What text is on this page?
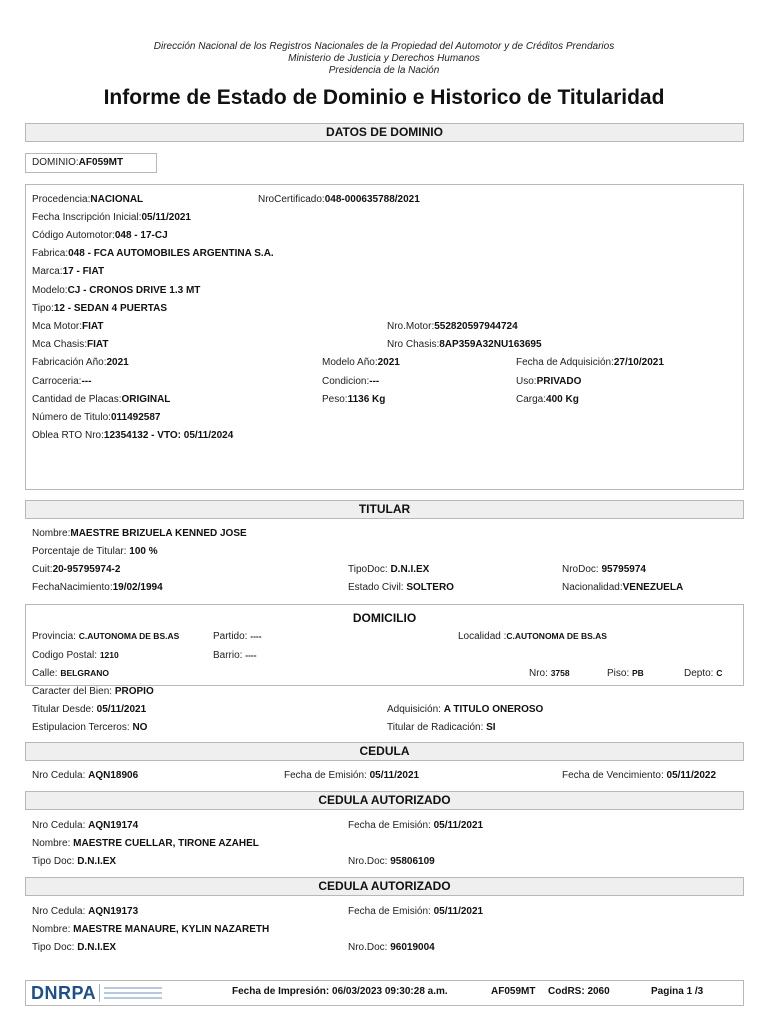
Dirección Nacional de los Registros Nacionales de la Propiedad del Automotor y de Créditos Prendarios
Ministerio de Justicia y Derechos Humanos
Presidencia de la Nación
Informe de Estado de Dominio e Historico de Titularidad
DATOS DE DOMINIO
DOMINIO:AF059MT
Procedencia:NACIONAL	NroCertificado:048-000635788/2021
Fecha Inscripción Inicial:05/11/2021
Código Automotor:048 - 17-CJ
Fabrica:048 - FCA AUTOMOBILES ARGENTINA S.A.
Marca:17 - FIAT
Modelo:CJ - CRONOS DRIVE 1.3 MT
Tipo:12 - SEDAN 4 PUERTAS
Mca Motor:FIAT	Nro.Motor:552820597944724
Mca Chasis:FIAT	Nro Chasis:8AP359A32NU163695
Fabricación Año:2021	Modelo Año:2021	Fecha de Adquisición:27/10/2021
Carroceria:---	Condicion:---	Uso:PRIVADO
Cantidad de Placas:ORIGINAL	Peso:1136 Kg	Carga:400 Kg
Número de Titulo:011492587
Oblea RTO Nro:12354132 - VTO: 05/11/2024
TITULAR
Nombre:MAESTRE BRIZUELA KENNED JOSE
Porcentaje de Titular: 100 %
Cuit:20-95795974-2	TipoDoc: D.N.I.EX	NroDoc: 95795974
FechaNacimiento:19/02/1994	Estado Civil: SOLTERO	Nacionalidad:VENEZUELA
DOMICILIO
Provincia: C.AUTONOMA DE BS.AS	Partido: ----	Localidad :C.AUTONOMA DE BS.AS
Codigo Postal: 1210	Barrio: ----
Calle: BELGRANO	Nro: 3758	Piso: PB	Depto: C
Caracter del Bien: PROPIO
Titular Desde: 05/11/2021	Adquisición: A TITULO ONEROSO
Estipulacion Terceros: NO	Titular de Radicación: SI
CEDULA
Nro Cedula: AQN18906	Fecha de Emisión: 05/11/2021	Fecha de Vencimiento: 05/11/2022
CEDULA AUTORIZADO
Nro Cedula: AQN19174	Fecha de Emisión: 05/11/2021
Nombre: MAESTRE CUELLAR, TIRONE AZAHEL
Tipo Doc: D.N.I.EX	Nro.Doc: 95806109
CEDULA AUTORIZADO
Nro Cedula: AQN19173	Fecha de Emisión: 05/11/2021
Nombre: MAESTRE MANAURE, KYLIN NAZARETH
Tipo Doc: D.N.I.EX	Nro.Doc: 96019004
DNRPA	Fecha de Impresión: 06/03/2023 09:30:28 a.m.	AF059MT CodRS: 2060	Pagina 1 /3
